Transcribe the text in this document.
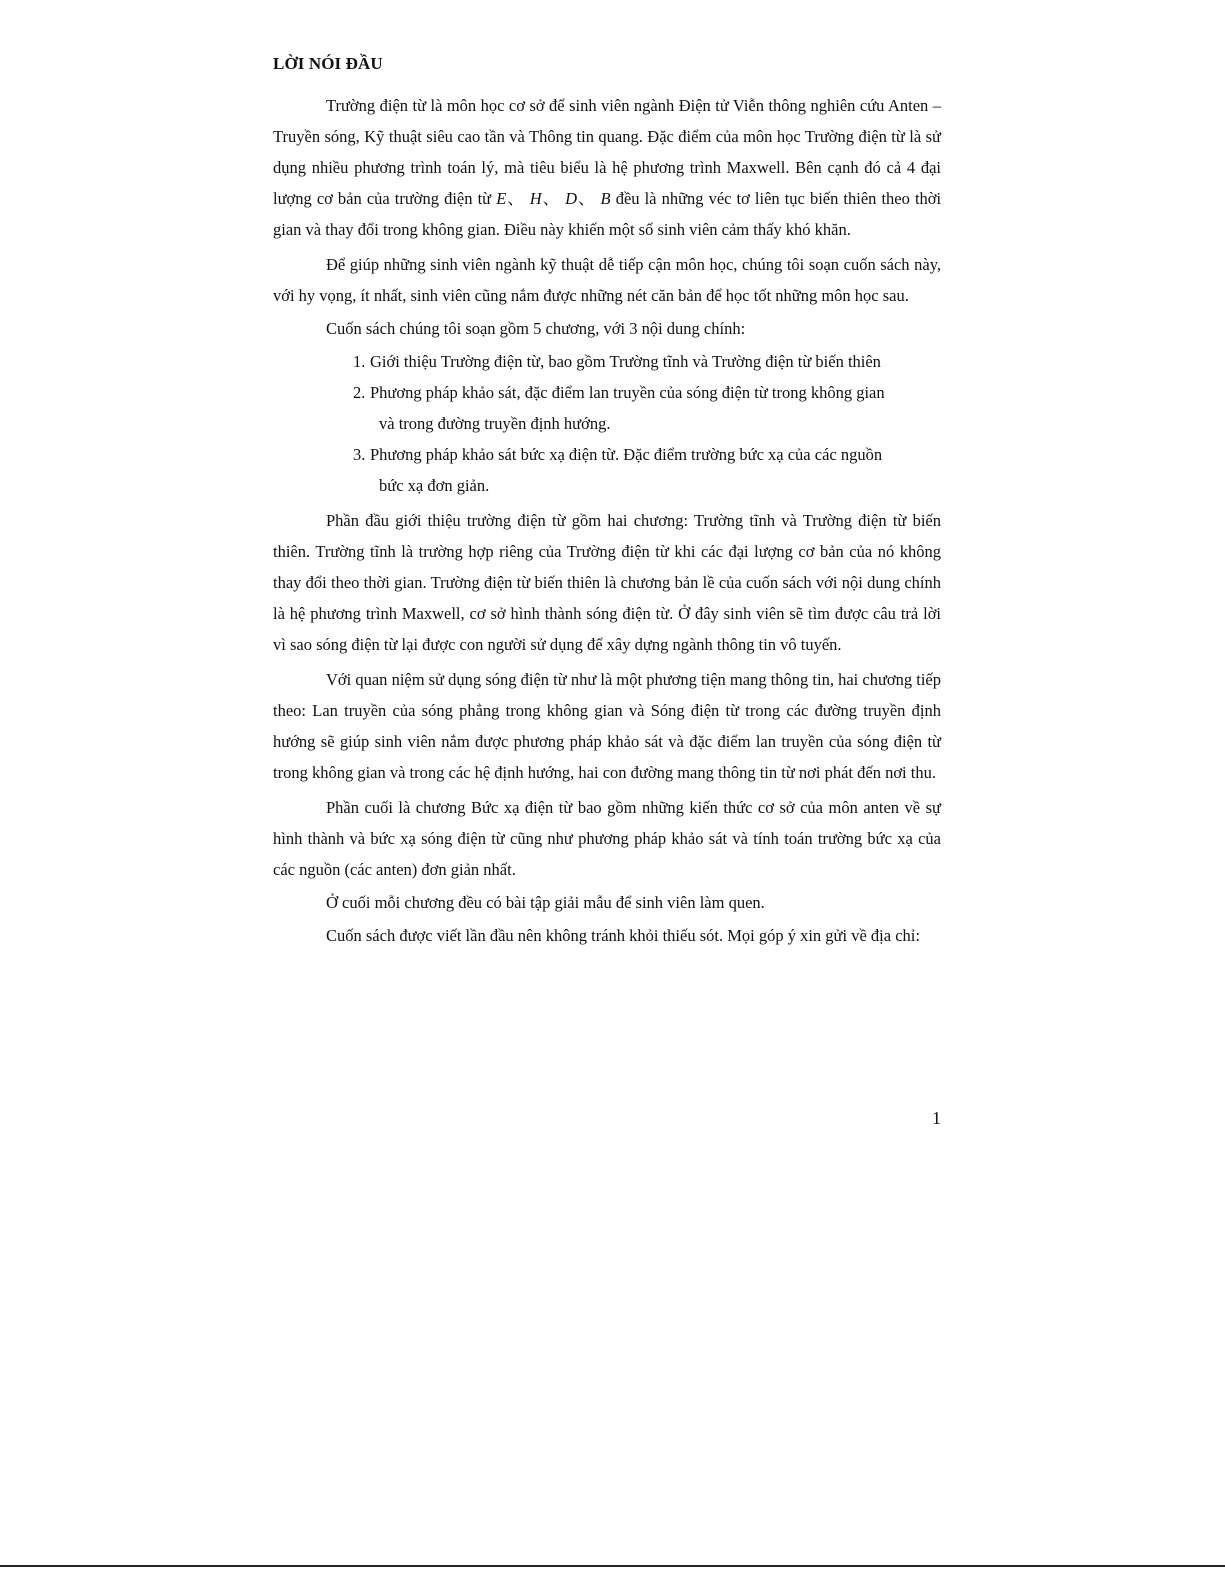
LỜI NÓI ĐẦU

Trường điện từ là môn học cơ sở để sinh viên ngành Điện tử Viễn thông nghiên cứu Anten – Truyền sóng, Kỹ thuật siêu cao tần và Thông tin quang. Đặc điểm của môn học Trường điện từ là sử dụng nhiều phương trình toán lý, mà tiêu biểu là hệ phương trình Maxwell. Bên cạnh đó cả 4 đại lượng cơ bản của trường điện từ E、 H、 D、 B đều là những véc tơ liên tục biến thiên theo thời gian và thay đổi trong không gian. Điều này khiến một số sinh viên cảm thấy khó khăn.

Để giúp những sinh viên ngành kỹ thuật dễ tiếp cận môn học, chúng tôi soạn cuốn sách này, với hy vọng, ít nhất, sinh viên cũng nắm được những nét căn bản để học tốt những môn học sau.

Cuốn sách chúng tôi soạn gồm 5 chương, với 3 nội dung chính:

1. Giới thiệu Trường điện từ, bao gồm Trường tĩnh và Trường điện từ biến thiên
2. Phương pháp khảo sát, đặc điểm lan truyền của sóng điện từ trong không gian
và trong đường truyền định hướng.
3. Phương pháp khảo sát bức xạ điện từ. Đặc điểm trường bức xạ của các nguồn
bức xạ đơn giản.

Phần đầu giới thiệu trường điện từ gồm hai chương: Trường tĩnh và Trường điện từ biến thiên. Trường tĩnh là trường hợp riêng của Trường điện từ khi các đại lượng cơ bản của nó không thay đổi theo thời gian. Trường điện từ biến thiên là chương bản lề của cuốn sách với nội dung chính là hệ phương trình Maxwell, cơ sở hình thành sóng điện từ. Ở đây sinh viên sẽ tìm được câu trả lời vì sao sóng điện từ lại được con người sử dụng để xây dựng ngành thông tin vô tuyến.

Với quan niệm sử dụng sóng điện từ như là một phương tiện mang thông tin, hai chương tiếp theo: Lan truyền của sóng phẳng trong không gian và Sóng điện từ trong các đường truyền định hướng sẽ giúp sinh viên nắm được phương pháp khảo sát và đặc điểm lan truyền của sóng điện từ trong không gian và trong các hệ định hướng, hai con đường mang thông tin từ nơi phát đến nơi thu.

Phần cuối là chương Bức xạ điện từ bao gồm những kiến thức cơ sở của môn anten về sự hình thành và bức xạ sóng điện từ cũng như phương pháp khảo sát và tính toán trường bức xạ của các nguồn (các anten) đơn giản nhất.

Ở cuối mỗi chương đều có bài tập giải mẫu để sinh viên làm quen.

Cuốn sách được viết lần đầu nên không tránh khỏi thiếu sót. Mọi góp ý xin gửi về địa chỉ:

1
